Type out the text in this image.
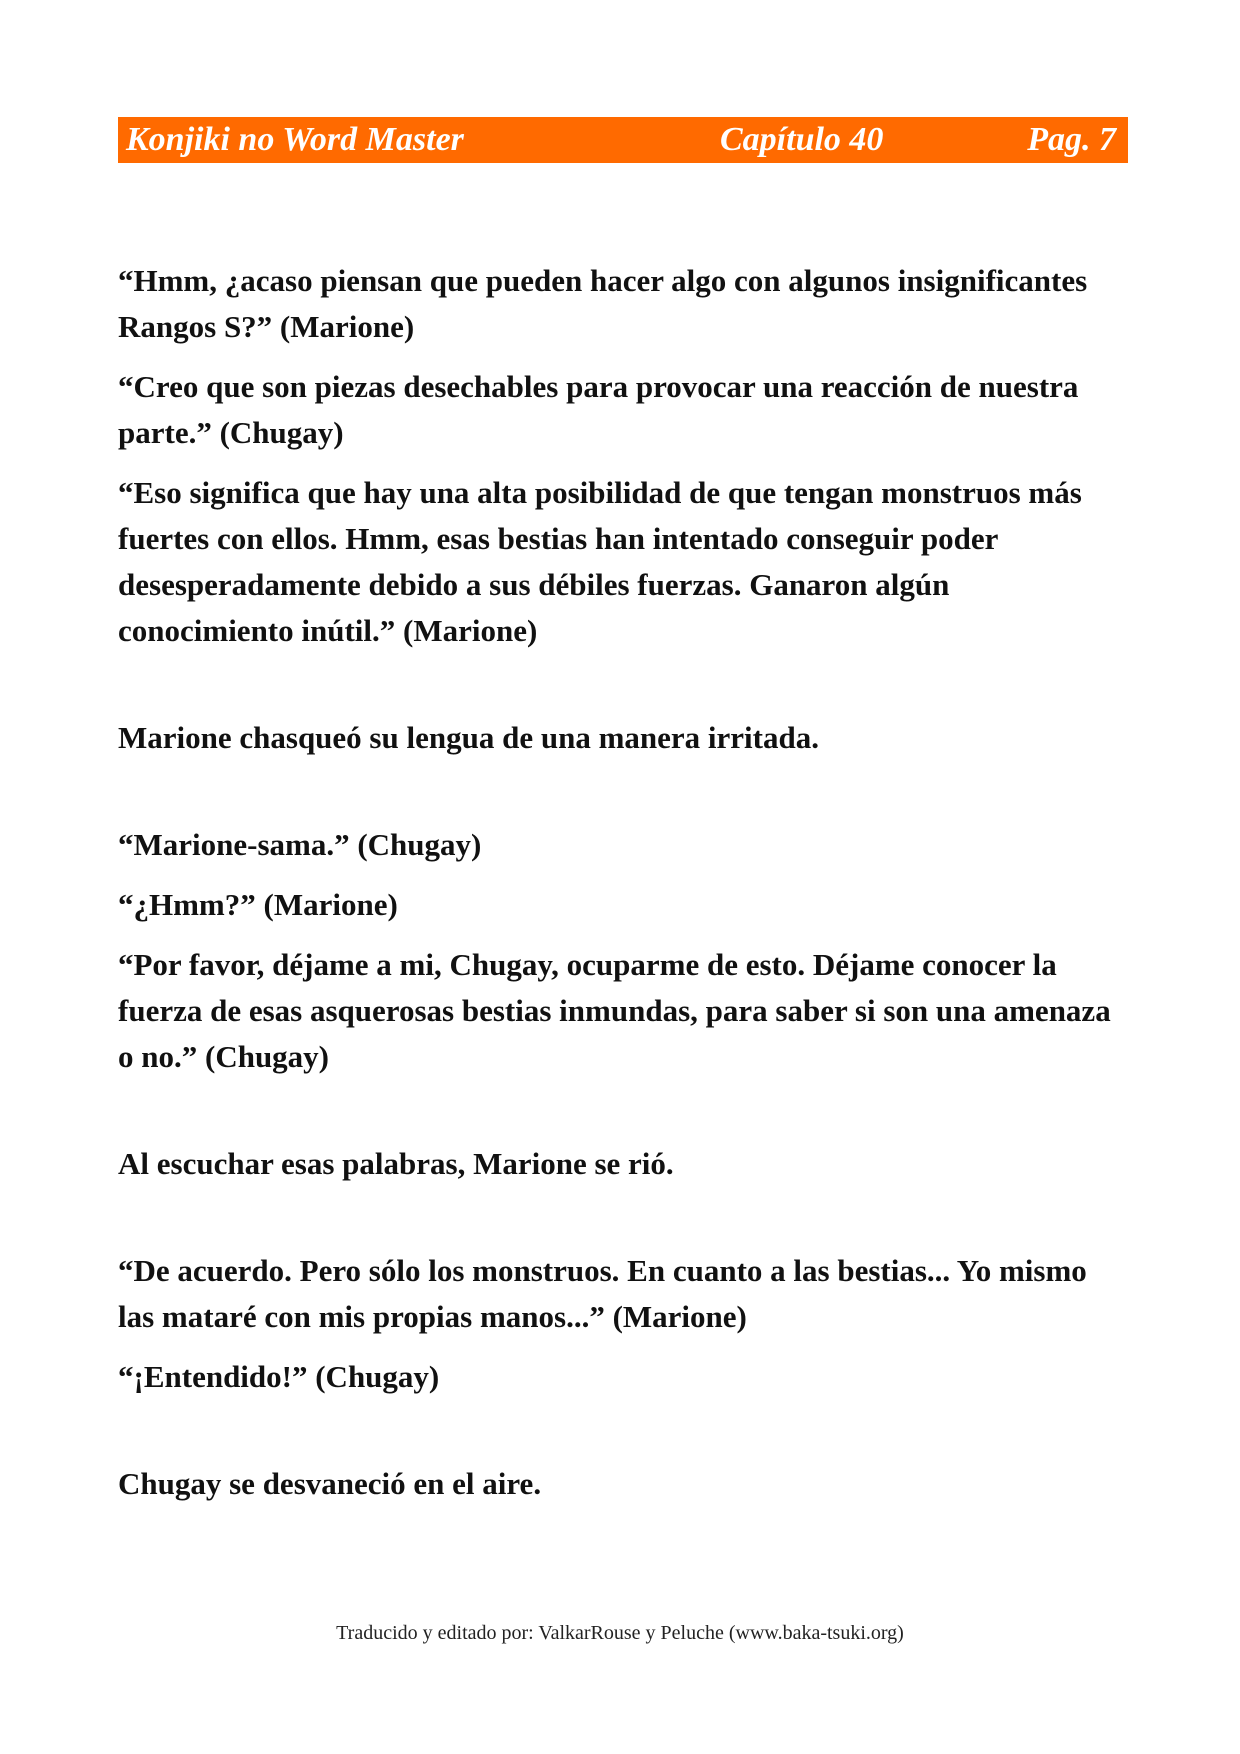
Konjiki no Word Master	Capítulo 40	Pag. 7

“Hmm, ¿acaso piensan que pueden hacer algo con algunos insignificantes Rangos S?” (Marione)

“Creo que son piezas desechables para provocar una reacción de nuestra parte.” (Chugay)

“Eso significa que hay una alta posibilidad de que tengan monstruos más fuertes con ellos. Hmm, esas bestias han intentado conseguir poder desesperadamente debido a sus débiles fuerzas. Ganaron algún conocimiento inútil.” (Marione)

Marione chasqueó su lengua de una manera irritada.

“Marione-sama.” (Chugay)

“¿Hmm?” (Marione)

“Por favor, déjame a mi, Chugay, ocuparme de esto. Déjame conocer la fuerza de esas asquerosas bestias inmundas, para saber si son una amenaza o no.” (Chugay)

Al escuchar esas palabras, Marione se rió.

“De acuerdo. Pero sólo los monstruos. En cuanto a las bestias... Yo mismo las mataré con mis propias manos...” (Marione)

“¡Entendido!” (Chugay)

Chugay se desvaneció en el aire.

Traducido y editado por: ValkarRouse y Peluche (www.baka-tsuki.org)
